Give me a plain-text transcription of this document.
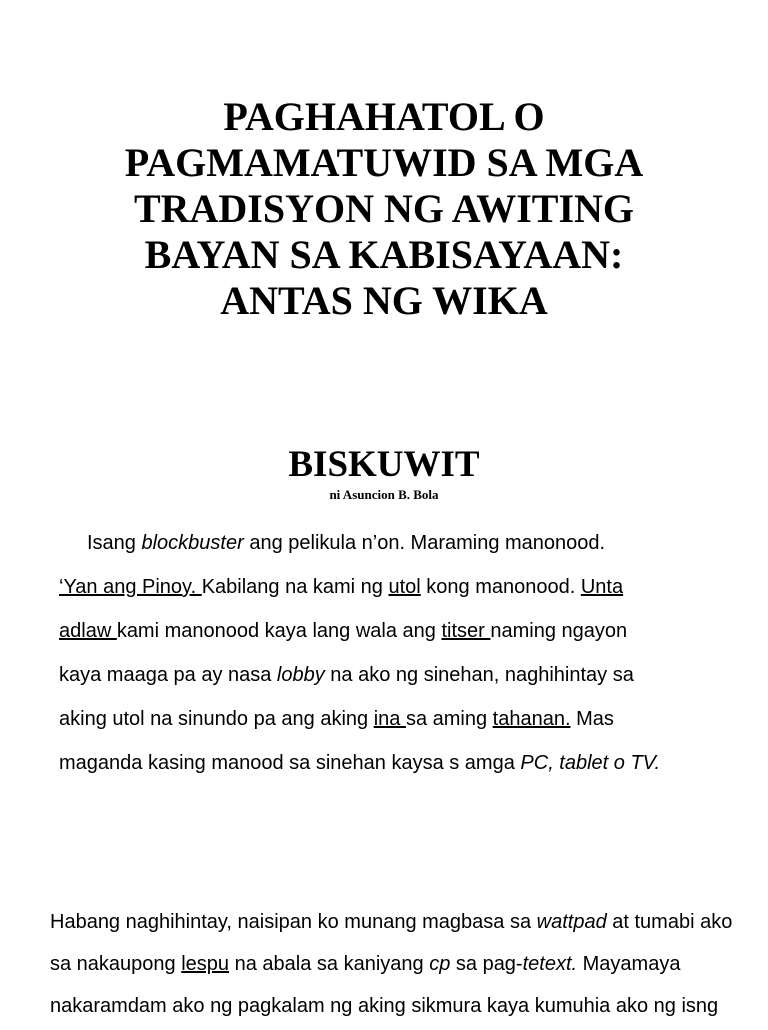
PAGHAHATOL O
PAGMAMATUWID SA MGA
TRADISYON NG AWITING
BAYAN SA KABISAYAAN:
ANTAS NG WIKA
BISKUWIT
ni Asuncion B. Bola
Isang blockbuster ang pelikula n’on. Maraming manonood.
‘Yan ang Pinoy. Kabilang na kami ng utol kong manonood. Unta
adlaw kami manonood kaya lang wala ang titser naming ngayon
kaya maaga pa ay nasa lobby na ako ng sinehan, naghihintay sa
aking utol na sinundo pa ang aking ina sa aming tahanan. Mas
maganda kasing manood sa sinehan kaysa s amga PC, tablet o TV.
Habang naghihintay, naisipan ko munang magbasa sa wattpad at tumabi ako
sa nakaupong lespu na abala sa kaniyang cp sa pag-tetext. Mayamaya
nakaramdam ako ng pagkalam ng aking sikmura kaya kumuhia ako ng isng
